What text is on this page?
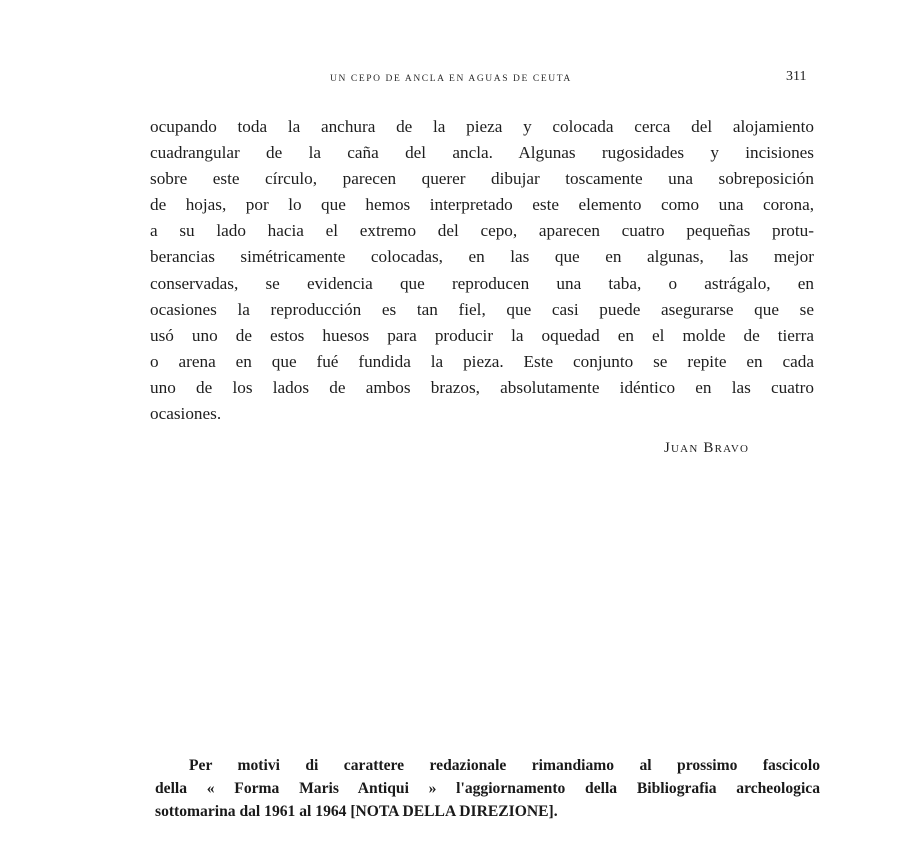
UN CEPO DE ANCLA EN AGUAS DE CEUTA	311
ocupando toda la anchura de la pieza y colocada cerca del alojamiento
cuadrangular de la caña del ancla. Algunas rugosidades y incisiones
sobre este círculo, parecen querer dibujar toscamente una sobreposición
de hojas, por lo que hemos interpretado este elemento como una corona,
a su lado hacia el extremo del cepo, aparecen cuatro pequeñas protu-
berancias simétricamente colocadas, en las que en algunas, las mejor
conservadas, se evidencia que reproducen una taba, o astrágalo, en
ocasiones la reproducción es tan fiel, que casi puede asegurarse que se
usó uno de estos huesos para producir la oquedad en el molde de tierra
o arena en que fué fundida la pieza. Este conjunto se repite en cada
uno de los lados de ambos brazos, absolutamente idéntico en las cuatro
ocasiones.
Juan Bravo
Per motivi di carattere redazionale rimandiamo al prossimo fascicolo
della « Forma Maris Antiqui » l'aggiornamento della Bibliografia archeologica
sottomarina dal 1961 al 1964 [NOTA DELLA DIREZIONE].
